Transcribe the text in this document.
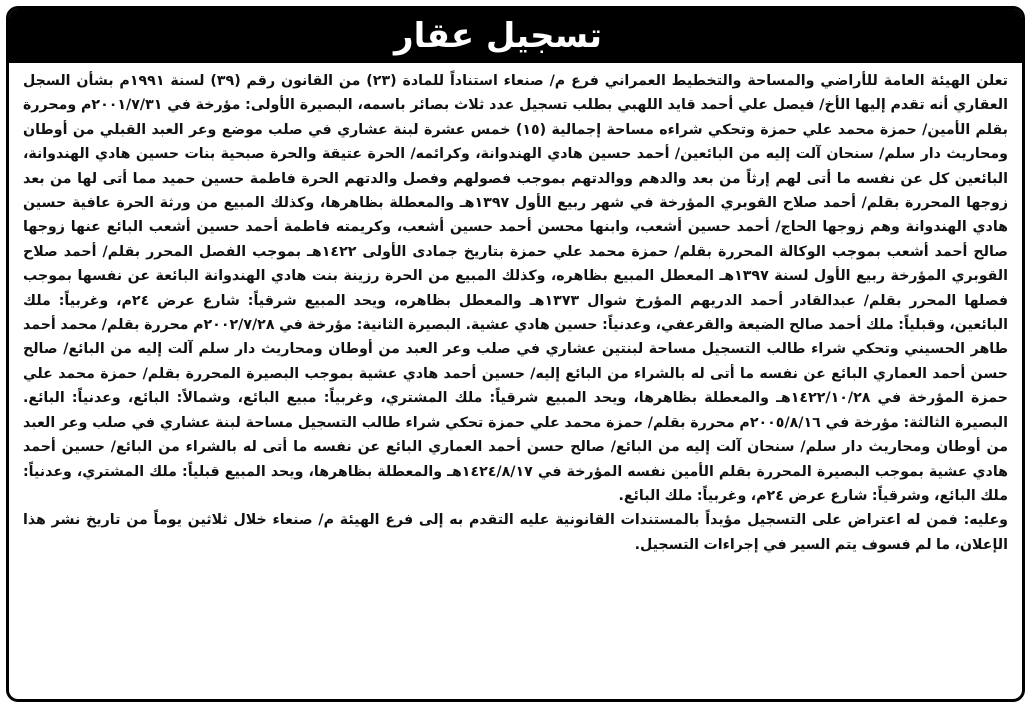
تسجيل عقار

تعلن الهيئة العامة للأراضي والمساحة والتخطيط العمراني فرع م/ صنعاء استناداً للمادة (٢٣) من القانون رقم (٣٩) لسنة ١٩٩١م بشأن السجل العقاري أنه تقدم إليها الأخ/ فيصل علي أحمد قايد اللهبي بطلب تسجيل عدد ثلاث بصائر باسمه، البصيرة الأولى: مؤرخة في ٢٠٠١/٧/٣١م ومحررة بقلم الأمين/ حمزة محمد علي حمزة وتحكي شراءه مساحة إجمالية (١٥) خمس عشرة لبنة عشاري في صلب موضع وعر العبد القبلي من أوطان ومحاريث دار سلم/ سنحان آلت إليه من البائعين/ أحمد حسين هادي الهندوانة، وكرائمه/ الحرة عتيقة والحرة صبحية بنات حسين هادي الهندوانة، البائعين كل عن نفسه ما أتى لهم إرثاً من بعد والدهم ووالدتهم بموجب فصولهم وفصل والدتهم الحرة فاطمة حسين حميد مما أتى لها من بعد زوجها المحررة بقلم/ أحمد صلاح القوبري المؤرخة في شهر ربيع الأول ١٣٩٧هـ والمعطلة بظاهرها، وكذلك المبيع من ورثة الحرة عافية حسين هادي الهندوانة وهم زوجها الحاج/ أحمد حسين أشعب، وابنها محسن أحمد حسين أشعب، وكريمته فاطمة أحمد حسين أشعب البائع عنها زوجها صالح أحمد أشعب بموجب الوكالة المحررة بقلم/ حمزة محمد علي حمزة بتاريخ جمادى الأولى ١٤٢٢هـ بموجب الفصل المحرر بقلم/ أحمد صلاح القوبري المؤرخة ربيع الأول لسنة ١٣٩٧هـ المعطل المبيع بظاهره، وكذلك المبيع من الحرة رزينة بنت هادي الهندوانة البائعة عن نفسها بموجب فصلها المحرر بقلم/ عبدالقادر أحمد الدريهم المؤرخ شوال ١٣٧٣هـ والمعطل بظاهره، ويحد المبيع شرقياً: شارع عرض ٢٤م، وغربياً: ملك البائعين، وقبلياً: ملك أحمد صالح الضيعة والقرعفي، وعدنياً: حسين هادي عشية. البصيرة الثانية: مؤرخة في ٢٠٠٢/٧/٢٨م محررة بقلم/ محمد أحمد طاهر الحسيني وتحكي شراء طالب التسجيل مساحة لبنتين عشاري في صلب وعر العبد من أوطان ومحاريث دار سلم آلت إليه من البائع/ صالح حسن أحمد العماري البائع عن نفسه ما أتى له بالشراء من البائع إليه/ حسين أحمد هادي عشية بموجب البصيرة المحررة بقلم/ حمزة محمد علي حمزة المؤرخة في ١٤٢٢/١٠/٢٨هـ والمعطلة بظاهرها، ويحد المبيع شرقياً: ملك المشتري، وغربياً: مبيع البائع، وشمالاً: البائع، وعدنياً: البائع. البصيرة الثالثة: مؤرخة في ٢٠٠٥/٨/١٦م محررة بقلم/ حمزة محمد علي حمزة تحكي شراء طالب التسجيل مساحة لبنة عشاري في صلب وعر العبد من أوطان ومحاريث دار سلم/ سنحان آلت إليه من البائع/ صالح حسن أحمد العماري البائع عن نفسه ما أتى له بالشراء من البائع/ حسين أحمد هادي عشية بموجب البصيرة المحررة بقلم الأمين نفسه المؤرخة في ١٤٢٤/٨/١٧هـ والمعطلة بظاهرها، ويحد المبيع قبلياً: ملك المشتري، وعدنياً: ملك البائع، وشرقياً: شارع عرض ٢٤م، وغربياً: ملك البائع.

وعليه: فمن له اعتراض على التسجيل مؤيداً بالمستندات القانونية عليه التقدم به إلى فرع الهيئة م/ صنعاء خلال ثلاثين يوماً من تاريخ نشر هذا الإعلان، ما لم فسوف يتم السير في إجراءات التسجيل.
